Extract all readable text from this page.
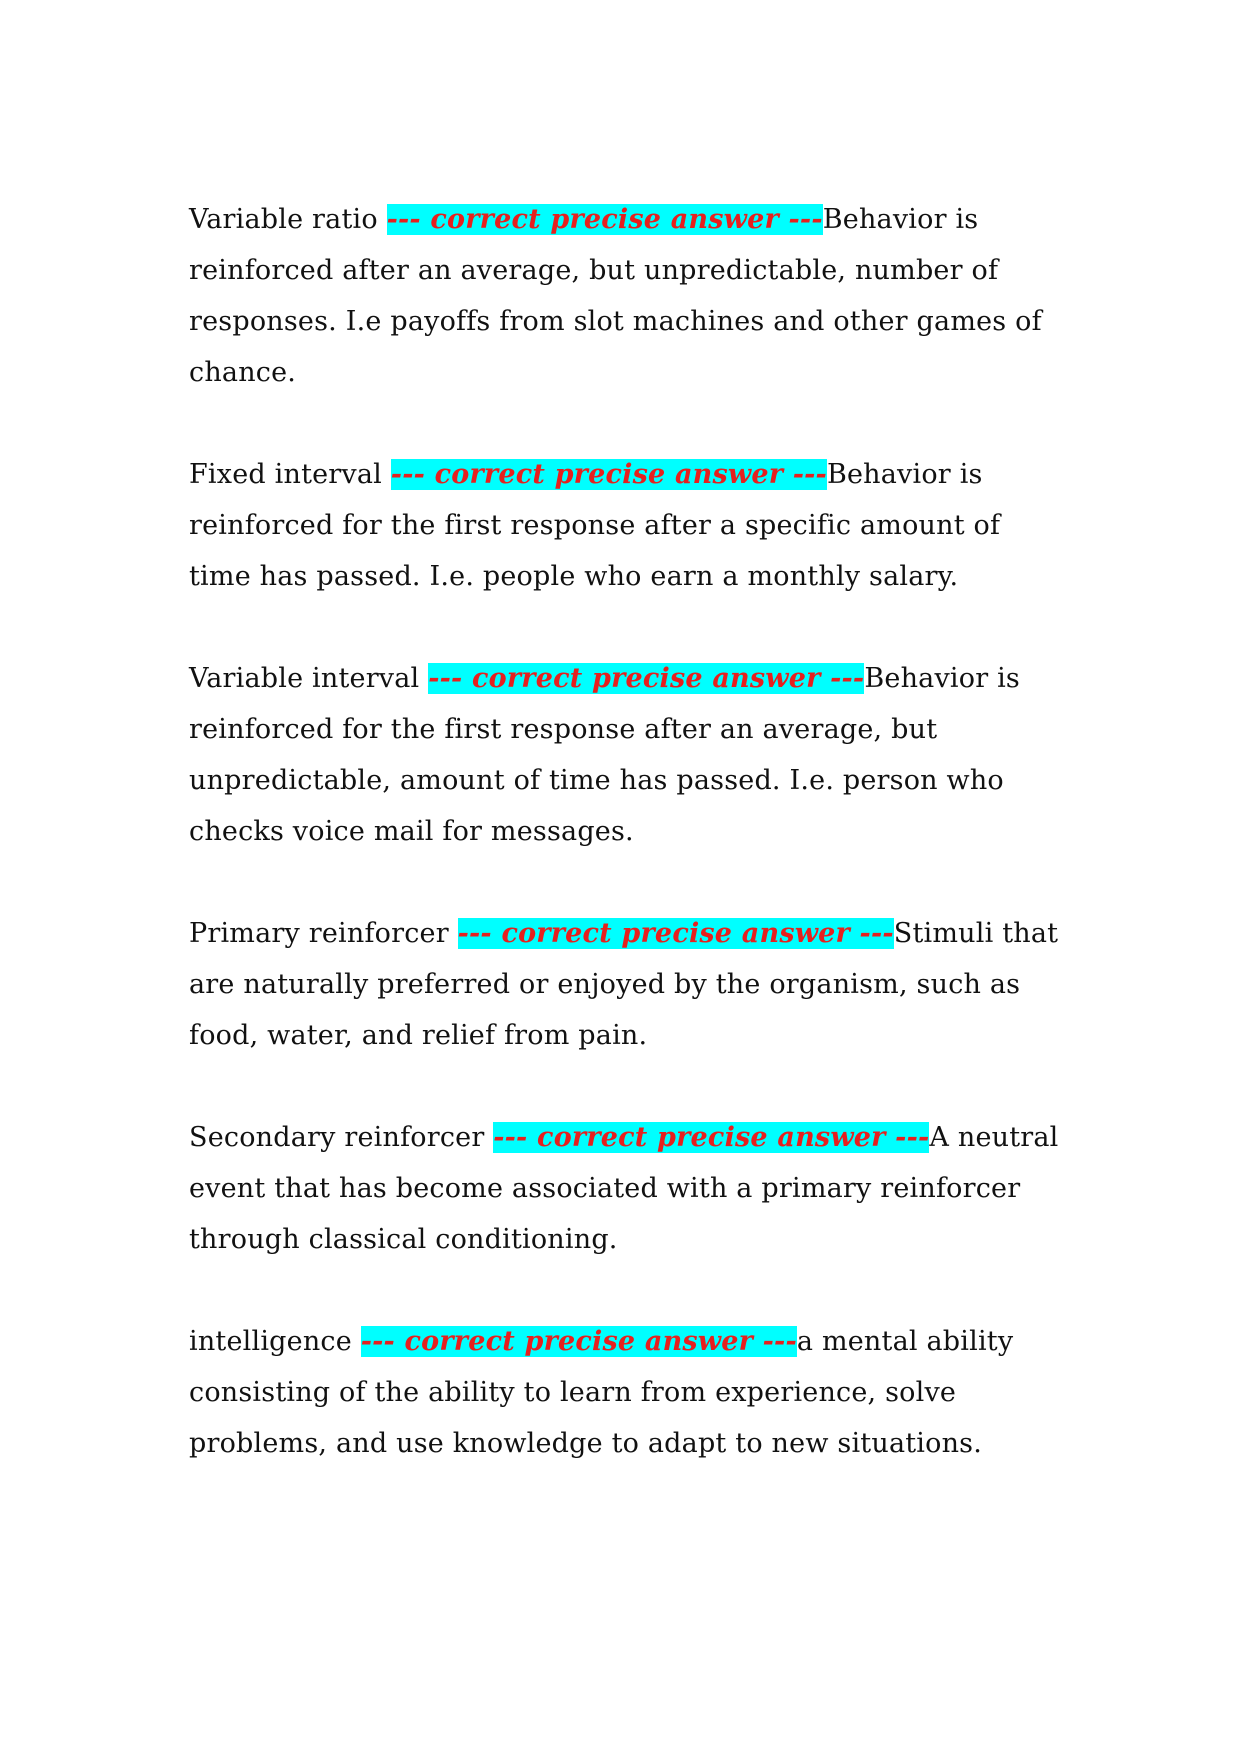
Variable ratio --- correct precise answer ---Behavior is reinforced after an average, but unpredictable, number of responses. I.e payoffs from slot machines and other games of chance.

Fixed interval --- correct precise answer ---Behavior is reinforced for the first response after a specific amount of time has passed. I.e. people who earn a monthly salary.

Variable interval --- correct precise answer ---Behavior is reinforced for the first response after an average, but unpredictable, amount of time has passed. I.e. person who checks voice mail for messages.

Primary reinforcer --- correct precise answer ---Stimuli that are naturally preferred or enjoyed by the organism, such as food, water, and relief from pain.

Secondary reinforcer --- correct precise answer ---A neutral event that has become associated with a primary reinforcer through classical conditioning.

intelligence --- correct precise answer ---a mental ability consisting of the ability to learn from experience, solve problems, and use knowledge to adapt to new situations.
